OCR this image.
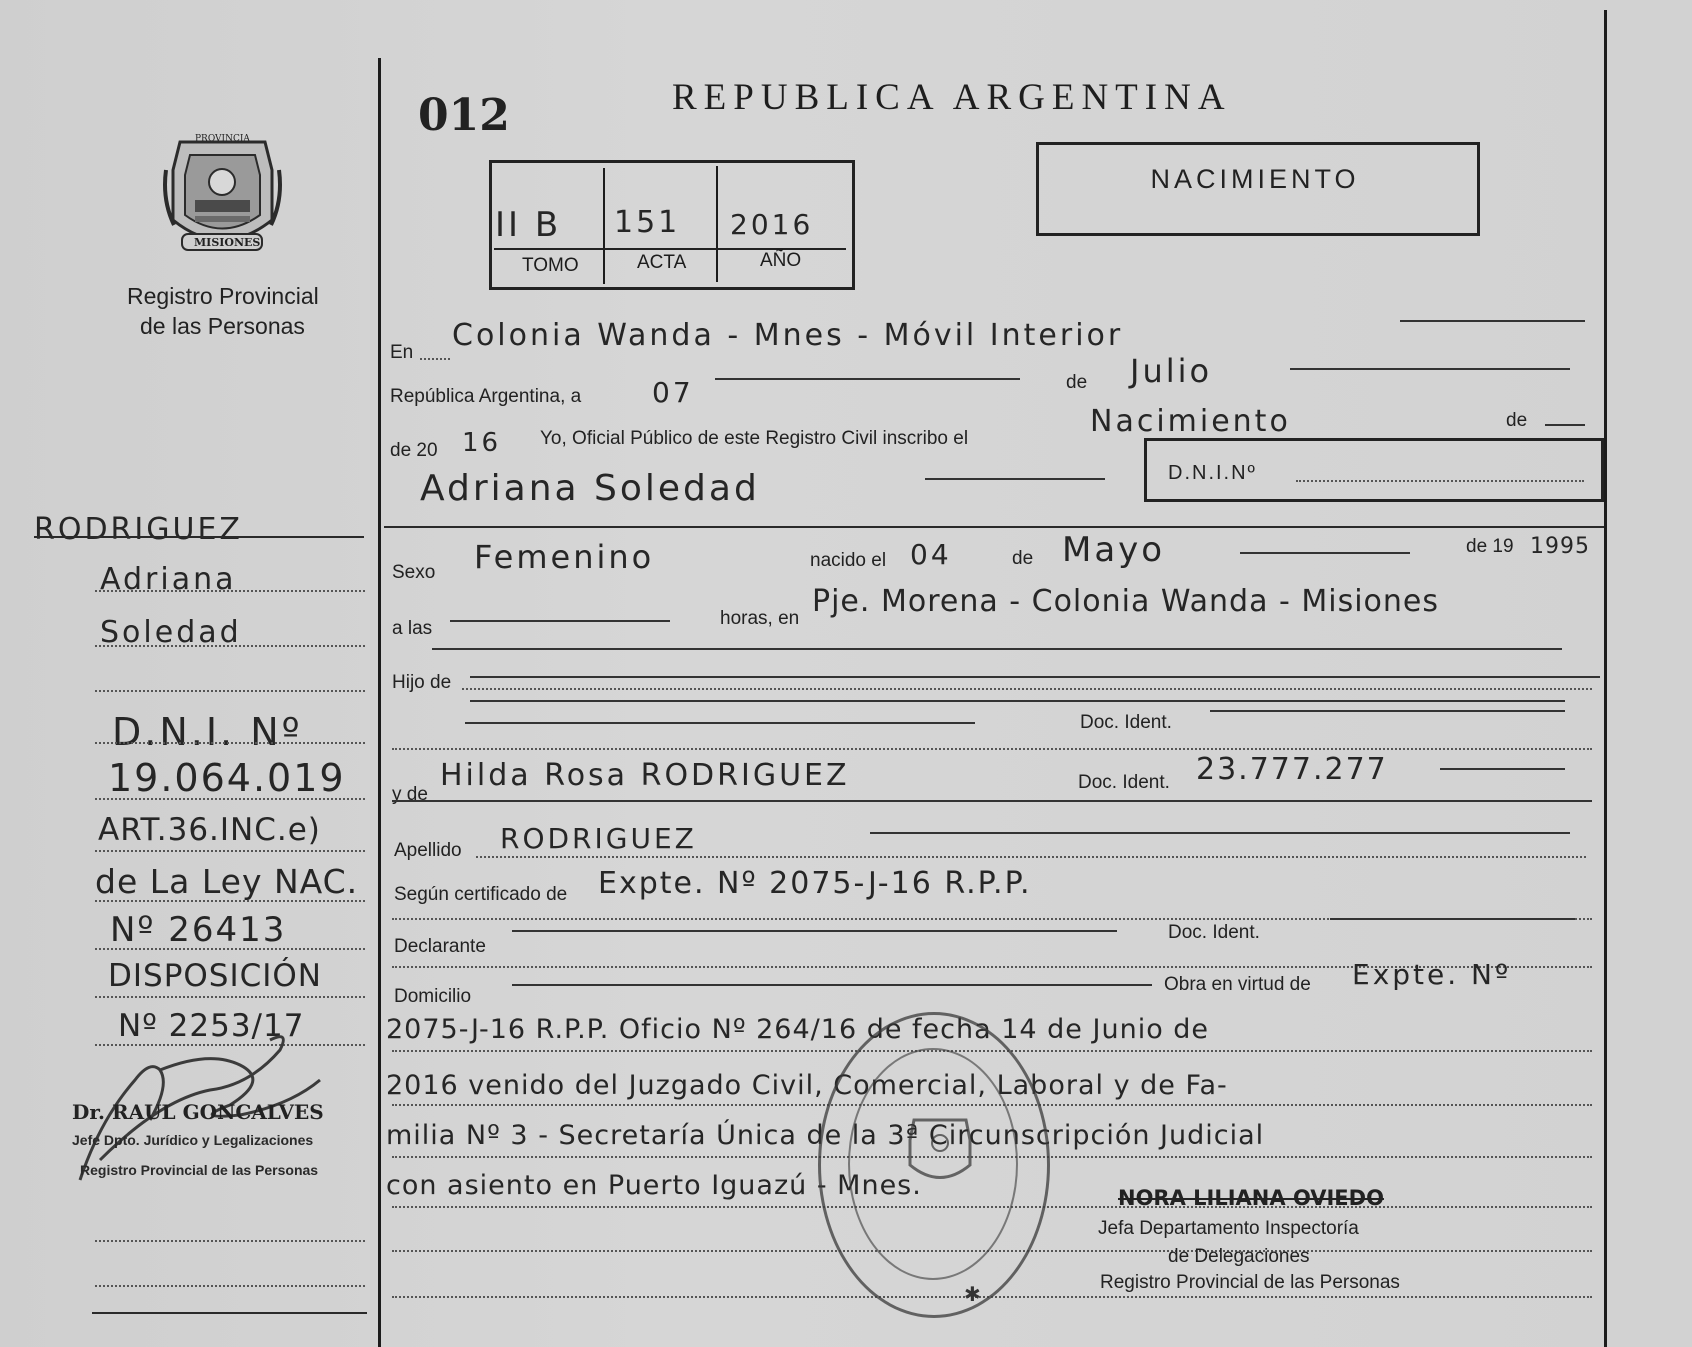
012	REPUBLICA ARGENTINA
NACIMIENTO
PROVINCIA
MISIONES
Registro Provincial
de las Personas
II B 151 2016
TOMO	ACTA	AÑO
RODRIGUEZ
Adriana
Soledad
D.N.I. Nº
19.064.019
ART.36.INC.e)
de La Ley NAC.
Nº 26413
DISPOSICIÓN
Nº 2253/17
Dr. RAUL GONCALVES
Jefe Dpto. Jurídico y Legalizaciones
Registro Provincial de las Personas
En Colonia Wanda - Mnes - Móvil Interior
República Argentina, a	07	de Julio
de 20 16 Yo, Oficial Público de este Registro Civil inscribo el	Nacimiento	de
Adriana Soledad	D.N.I.Nº
Sexo Femenino	nacido el 04	de Mayo	de 19 1995
a las	horas, en Pje. Morena - Colonia Wanda - Misiones
Hijo de
Doc. Ident.
y de
Hilda Rosa RODRIGUEZ	Doc. Ident. 23.777.277
Apellido RODRIGUEZ
Según certificado de Expte. Nº 2075-J-16 R.P.P.
Declarante
Doc. Ident.
Domicilio
Obra en virtud de Expte. Nº
2075-J-16 R.P.P. Oficio Nº 264/16 de fecha 14 de Junio de
2016 venido del Juzgado Civil, Comercial, Laboral y de Fa-
milia Nº 3 - Secretaría Única de la 3ª Circunscripción Judicial
con asiento en Puerto Iguazú - Mnes.	NORA LILIANA OVIEDO
Jefa Departamento Inspectoría
de Delegaciones
Registro Provincial de las Personas
✱
